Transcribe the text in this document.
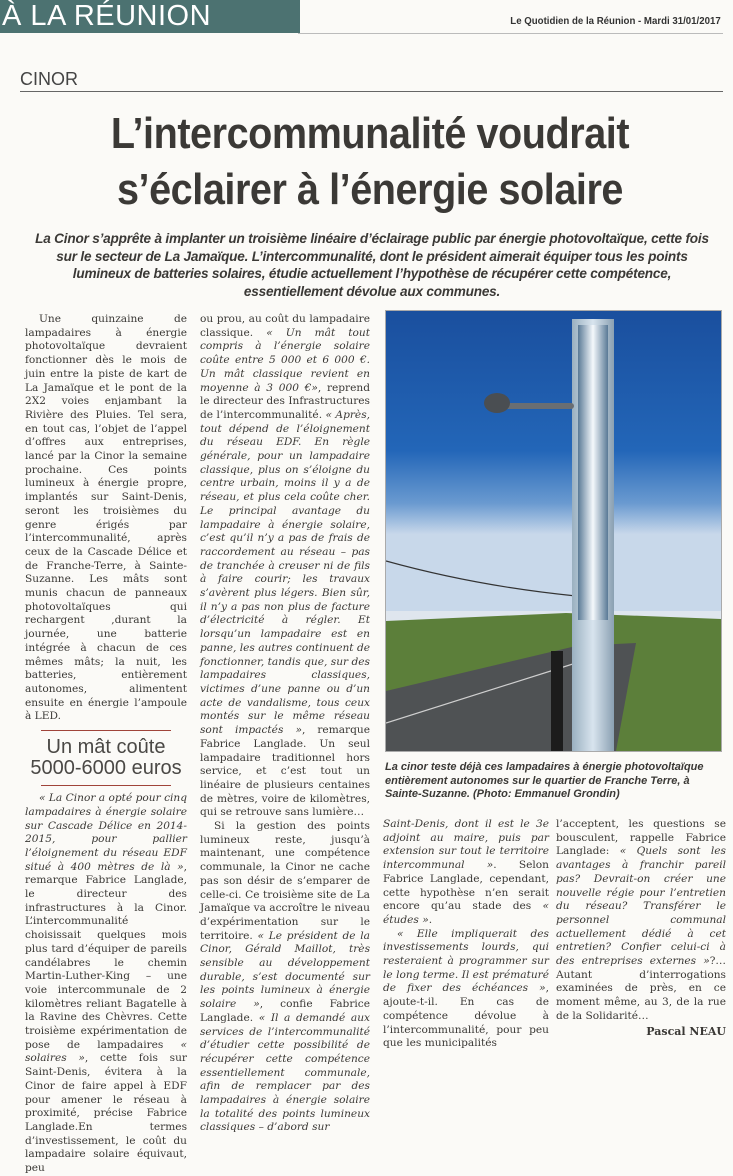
À LA RÉUNION	Le Quotidien de la Réunion - Mardi 31/01/2017
CINOR
L’intercommunalité voudrait
s’éclairer à l’énergie solaire
La Cinor s’apprête à implanter un troisième linéaire d’éclairage public par énergie photovoltaïque, cette fois sur le secteur de La Jamaïque. L’intercommunalité, dont le président aimerait équiper tous les points lumineux de batteries solaires, étudie actuellement l’hypothèse de récupérer cette compétence, essentiellement dévolue aux communes.

Une quinzaine de lampadaires à énergie photovoltaïque devraient fonctionner dès le mois de juin entre la piste de kart de La Jamaïque et le pont de la 2X2 voies enjambant la Rivière des Pluies. Tel sera, en tout cas, l’objet de l’appel d’offres aux entreprises, lancé par la Cinor la semaine prochaine. Ces points lumineux à énergie propre, implantés sur Saint-Denis, seront les troisièmes du genre érigés par l’intercommunalité, après ceux de la Cascade Délice et de Franche-Terre, à Sainte-Suzanne. Les mâts sont munis chacun de panneaux photovoltaïques qui rechargent ,durant la journée, une batterie intégrée à chacun de ces mêmes mâts; la nuit, les batteries, entièrement autonomes, alimentent ensuite en énergie l’ampoule à LED.

Un mât coûte 5000-6000 euros

« La Cinor a opté pour cinq lampadaires à énergie solaire sur Cascade Délice en 2014-2015, pour pallier l’éloignement du réseau EDF situé à 400 mètres de là », remarque Fabrice Langlade, le directeur des infrastructures à la Cinor. L’intercommunalité choisissait quelques mois plus tard d’équiper de pareils candélabres le chemin Martin-Luther-King – une voie intercommunale de 2 kilomètres reliant Bagatelle à la Ravine des Chèvres. Cette troisième expérimentation de pose de lampadaires « solaires », cette fois sur Saint-Denis, évitera à la Cinor de faire appel à EDF pour amener le réseau à proximité, précise Fabrice Langlade.En termes d’investissement, le coût du lampadaire solaire équivaut, peu

ou prou, au coût du lampadaire classique. « Un mât tout compris à l’énergie solaire coûte entre 5 000 et 6 000 €. Un mât classique revient en moyenne à 3 000 €», reprend le directeur des Infrastructures de l’intercommunalité. « Après, tout dépend de l’éloignement du réseau EDF. En règle générale, pour un lampadaire classique, plus on s’éloigne du centre urbain, moins il y a de réseau, et plus cela coûte cher. Le principal avantage du lampadaire à énergie solaire, c’est qu’il n’y a pas de frais de raccordement au réseau – pas de tranchée à creuser ni de fils à faire courir; les travaux s’avèrent plus légers. Bien sûr, il n’y a pas non plus de facture d’électricité à régler. Et lorsqu’un lampadaire est en panne, les autres continuent de fonctionner, tandis que, sur des lampadaires classiques, victimes d’une panne ou d’un acte de vandalisme, tous ceux montés sur le même réseau sont impactés », remarque Fabrice Langlade. Un seul lampadaire traditionnel hors service, et c’est tout un linéaire de plusieurs centaines de mètres, voire de kilomètres, qui se retrouve sans lumière…

Si la gestion des points lumineux reste, jusqu’à maintenant, une compétence communale, la Cinor ne cache pas son désir de s’emparer de celle-ci. Ce troisième site de La Jamaïque va accroître le niveau d’expérimentation sur le territoire. « Le président de la Cinor, Gérald Maillot, très sensible au développement durable, s’est documenté sur les points lumineux à énergie solaire », confie Fabrice Langlade. « Il a demandé aux services de l’intercommunalité d’étudier cette possibilité de récupérer cette compétence essentiellement communale, afin de remplacer par des lampadaires à énergie solaire la totalité des points lumineux classiques – d’abord sur

La cinor teste déjà ces lampadaires à énergie photovoltaïque entièrement autonomes sur le quartier de Franche Terre, à Sainte-Suzanne. (Photo: Emmanuel Grondin)

Saint-Denis, dont il est le 3e adjoint au maire, puis par extension sur tout le territoire intercommunal ». Selon Fabrice Langlade, cependant, cette hypothèse n’en serait encore qu’au stade des « études ».

« Elle impliquerait des investissements lourds, qui resteraient à programmer sur le long terme. Il est prématuré de fixer des échéances », ajoute-t-il. En cas de compétence dévolue à l’intercommunalité, pour peu que les municipalités

l’acceptent, les questions se bousculent, rappelle Fabrice Langlade: « Quels sont les avantages à franchir pareil pas? Devrait-on créer une nouvelle régie pour l’entretien du réseau? Transférer le personnel communal actuellement dédié à cet entretien? Confier celui-ci à des entreprises externes »?… Autant d’interrogations examinées de près, en ce moment même, au 3, de la rue de la Solidarité…

Pascal NEAU
